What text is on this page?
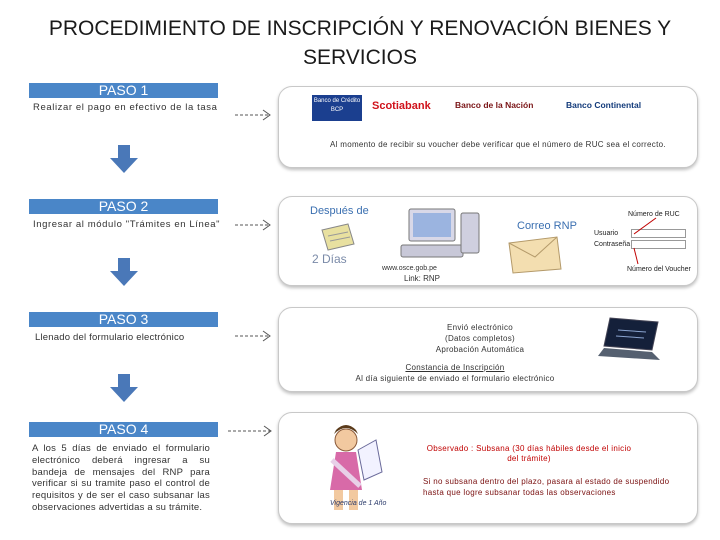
PROCEDIMIENTO DE INSCRIPCIÓN Y RENOVACIÓN BIENES Y SERVICIOS
PASO 1
Realizar el pago en efectivo de la tasa
Banco de Crédito BCP	Scotiabank	Banco de la Nación	Banco Continental
Al momento de recibir su voucher debe verificar que el número de RUC sea el correcto.
PASO 2
Ingresar al módulo "Trámites en Línea"
Después de
2 Días
www.osce.gob.pe
Link: RNP
Correo RNP
Número de RUC
Usuario
Contraseña
Número del Voucher
PASO 3
Llenado del formulario electrónico
Envió electrónico
(Datos completos)
Aprobación Automática
Constancia de Inscripción
Al día siguiente de enviado el formulario electrónico
PASO 4
A los 5 días de enviado el formulario electrónico deberá ingresar a su bandeja de mensajes del RNP para verificar si su tramite paso el control de requisitos y de ser el caso subsanar las observaciones advertidas a su trámite.	Vigencia de 1 Año
Observado : Subsana (30 días hábiles desde el inicio del trámite)
Si no subsana dentro del plazo, pasara al estado de suspendido hasta que logre subsanar todas las observaciones
